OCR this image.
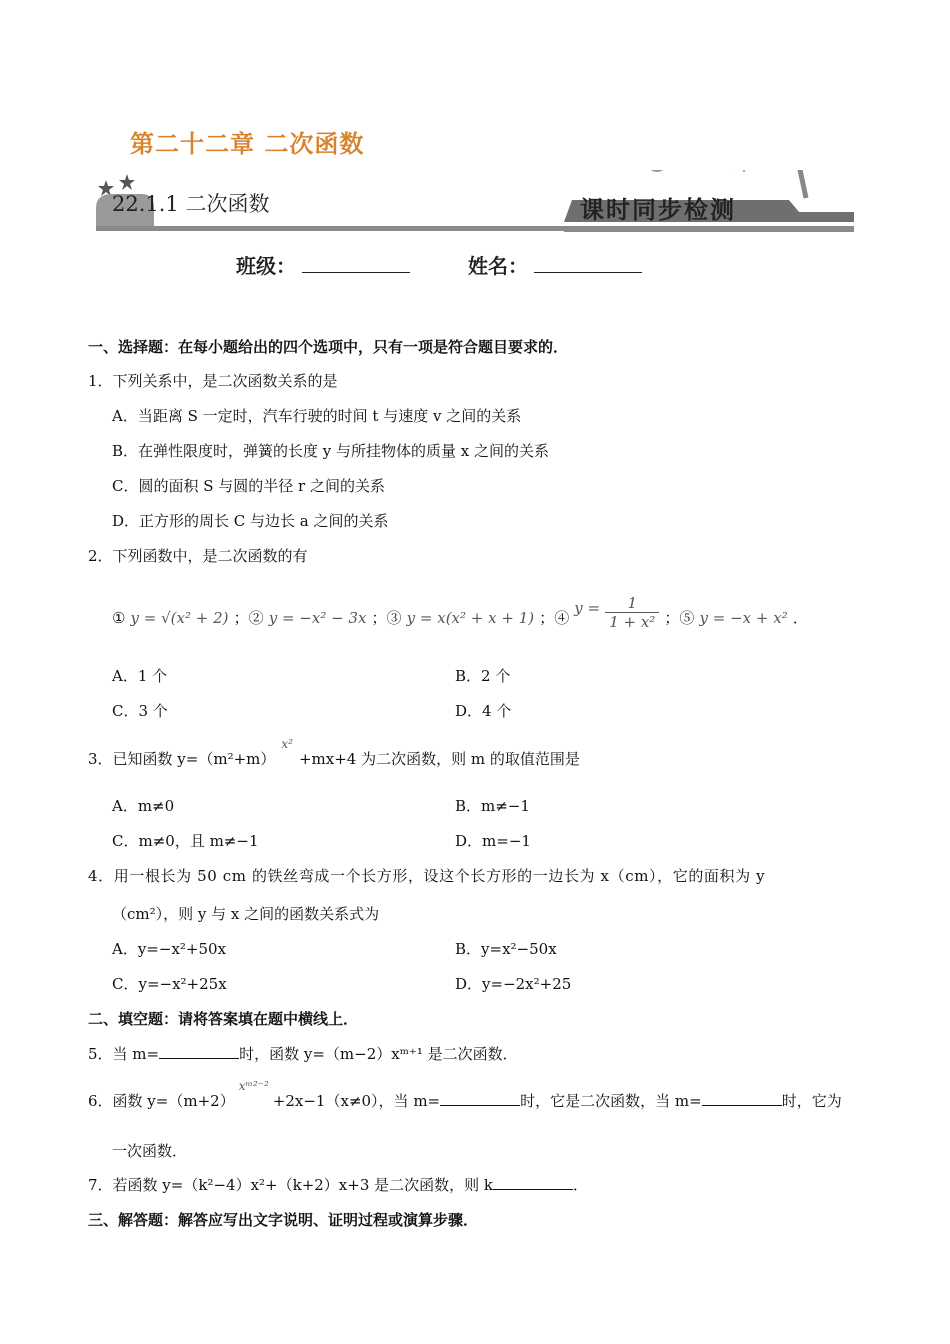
第二十二章 二次函数
22.1.1 二次函数	课时同步检测
班级：	姓名：
一、选择题：在每小题给出的四个选项中，只有一项是符合题目要求的．
1．下列关系中，是二次函数关系的是
A．当距离 S 一定时，汽车行驶的时间 t 与速度 v 之间的关系
B．在弹性限度时，弹簧的长度 y 与所挂物体的质量 x 之间的关系
C．圆的面积 S 与圆的半径 r 之间的关系
D．正方形的周长 C 与边长 a 之间的关系
2．下列函数中，是二次函数的有
① y = √(x² + 2) ；② y = −x² − 3x ；③ y = x(x² + x + 1) ；④ $y = \frac{1}{\text{1 + x²}}$ ；⑤ y = −x + x² ．
A．1 个	B．2 个
C．3 个	D．4 个
3．已知函数 $y=(m^2+m)^{x^2}+mx+4$ 为二次函数，则 m 的取值范围是
A．m≠0	B．m≠−1
C．m≠0，且 m≠−1	D．m=−1
4．用一根长为 50 cm 的铁丝弯成一个长方形，设这个长方形的一边长为 x（cm），它的面积为 y
（cm²），则 y 与 x 之间的函数关系式为
A．y=−x²+50x	B．y=x²−50x
C．y=−x²+25x	D．y=−2x²+25
二、填空题：请将答案填在题中横线上．
5．当 m=	时，函数 y=（m−2）xᵐ⁺¹ 是二次函数．
6．函数 $y=(m+2)^{xᵐ^{2-2}}+2x-1(x\ne 0)$，当 m=	时，它是二次函数，当 m=	时，它为
一次函数．
7．若函数 y=（k²−4）x²+（k+2）x+3 是二次函数，则 k	．
三、解答题：解答应写出文字说明、证明过程或演算步骤．
